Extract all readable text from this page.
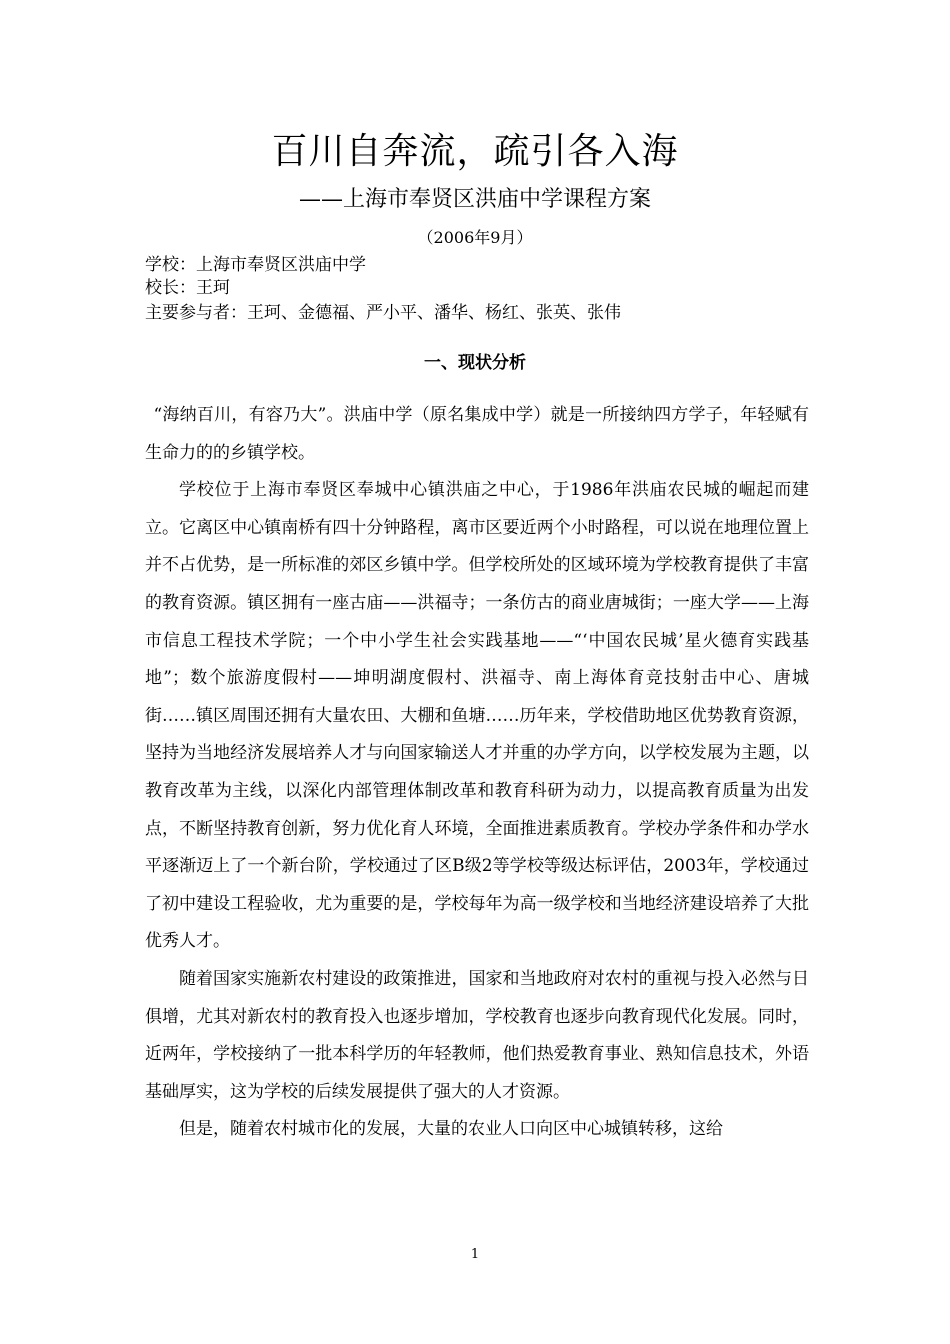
百川自奔流，疏引各入海
——上海市奉贤区洪庙中学课程方案
（2006年9月）
学校：上海市奉贤区洪庙中学
校长：王珂
主要参与者：王珂、金德福、严小平、潘华、杨红、张英、张伟
一、现状分析

“海纳百川，有容乃大”。洪庙中学（原名集成中学）就是一所接纳四方学子，年轻赋有生命力的的乡镇学校。

学校位于上海市奉贤区奉城中心镇洪庙之中心，于1986年洪庙农民城的崛起而建立。它离区中心镇南桥有四十分钟路程，离市区要近两个小时路程，可以说在地理位置上并不占优势，是一所标准的郊区乡镇中学。但学校所处的区域环境为学校教育提供了丰富的教育资源。镇区拥有一座古庙——洪福寺；一条仿古的商业唐城街；一座大学——上海市信息工程技术学院；一个中小学生社会实践基地——“‘中国农民城’星火德育实践基地”；数个旅游度假村——坤明湖度假村、洪福寺、南上海体育竞技射击中心、唐城街……镇区周围还拥有大量农田、大棚和鱼塘……历年来，学校借助地区优势教育资源，坚持为当地经济发展培养人才与向国家输送人才并重的办学方向，以学校发展为主题，以教育改革为主线，以深化内部管理体制改革和教育科研为动力，以提高教育质量为出发点，不断坚持教育创新，努力优化育人环境，全面推进素质教育。学校办学条件和办学水平逐渐迈上了一个新台阶，学校通过了区B级2等学校等级达标评估，2003年，学校通过了初中建设工程验收，尤为重要的是，学校每年为高一级学校和当地经济建设培养了大批优秀人才。

随着国家实施新农村建设的政策推进，国家和当地政府对农村的重视与投入必然与日俱增，尤其对新农村的教育投入也逐步增加，学校教育也逐步向教育现代化发展。同时，近两年，学校接纳了一批本科学历的年轻教师，他们热爱教育事业、熟知信息技术，外语基础厚实，这为学校的后续发展提供了强大的人才资源。

但是，随着农村城市化的发展，大量的农业人口向区中心城镇转移，这给

1
